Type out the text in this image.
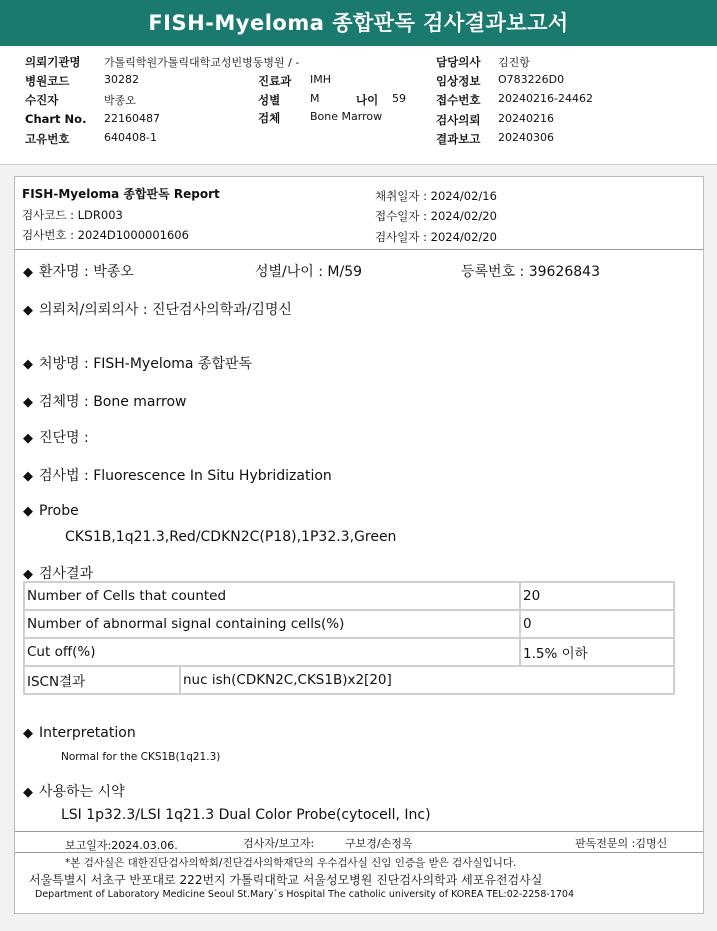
FISH-Myeloma 종합판독 검사결과보고서
의뢰기관명 가톨릭학원가톨릭대학교성빈병동병원 / -	담당의사 김진항
병원코드	30282	진료과 IMH	임상정보 O783226D0
수진자	박종오	성별	M	나이 59	접수번호 20240216-24462
Chart No. 22160487	검체	Bone Marrow	검사의뢰 20240216
고유번호	640408-1	결과보고 20240306
FISH-Myeloma 종합판독 Report
검사코드 : LDR003
검사번호 : 2024D1000001606
채취일자 : 2024/02/16
접수일자 : 2024/02/20
검사일자 : 2024/02/20
◆ 환자명 : 박종오	성별/나이 : M/59	등록번호 : 39626843
◆ 의뢰처/의뢰의사 : 진단검사의학과/김명신
◆ 처방명 : FISH-Myeloma 종합판독
◆ 검체명 : Bone marrow
◆ 진단명 :
◆ 검사법 : Fluorescence In Situ Hybridization
◆ Probe
CKS1B,1q21.3,Red/CDKN2C(P18),1P32.3,Green
◆ 검사결과
Number of Cells that counted		20
Number of abnormal signal containing cells(%)		0
Cut off(%)		1.5% 이하
ISCN결과	nuc ish(CDKN2C,CKS1B)x2[20]	
◆ Interpretation
Normal for the CKS1B(1q21.3)
◆ 사용하는 시약
LSI 1p32.3/LSI 1q21.3 Dual Color Probe(cytocell, Inc)
보고일자:2024.03.06.	검사자/보고자:	구보경/손정옥	판독전문의 :김명신
*본 검사실은 대한진단검사의학회/진단검사의학재단의 우수검사실 신임 인증을 받은 검사실입니다.
서울특별시 서초구 반포대로 222번지 가톨릭대학교 서울성모병원 진단검사의학과 세포유전검사실
Department of Laboratory Medicine Seoul St.Mary`s Hospital The catholic university of KOREA TEL:02-2258-1704
